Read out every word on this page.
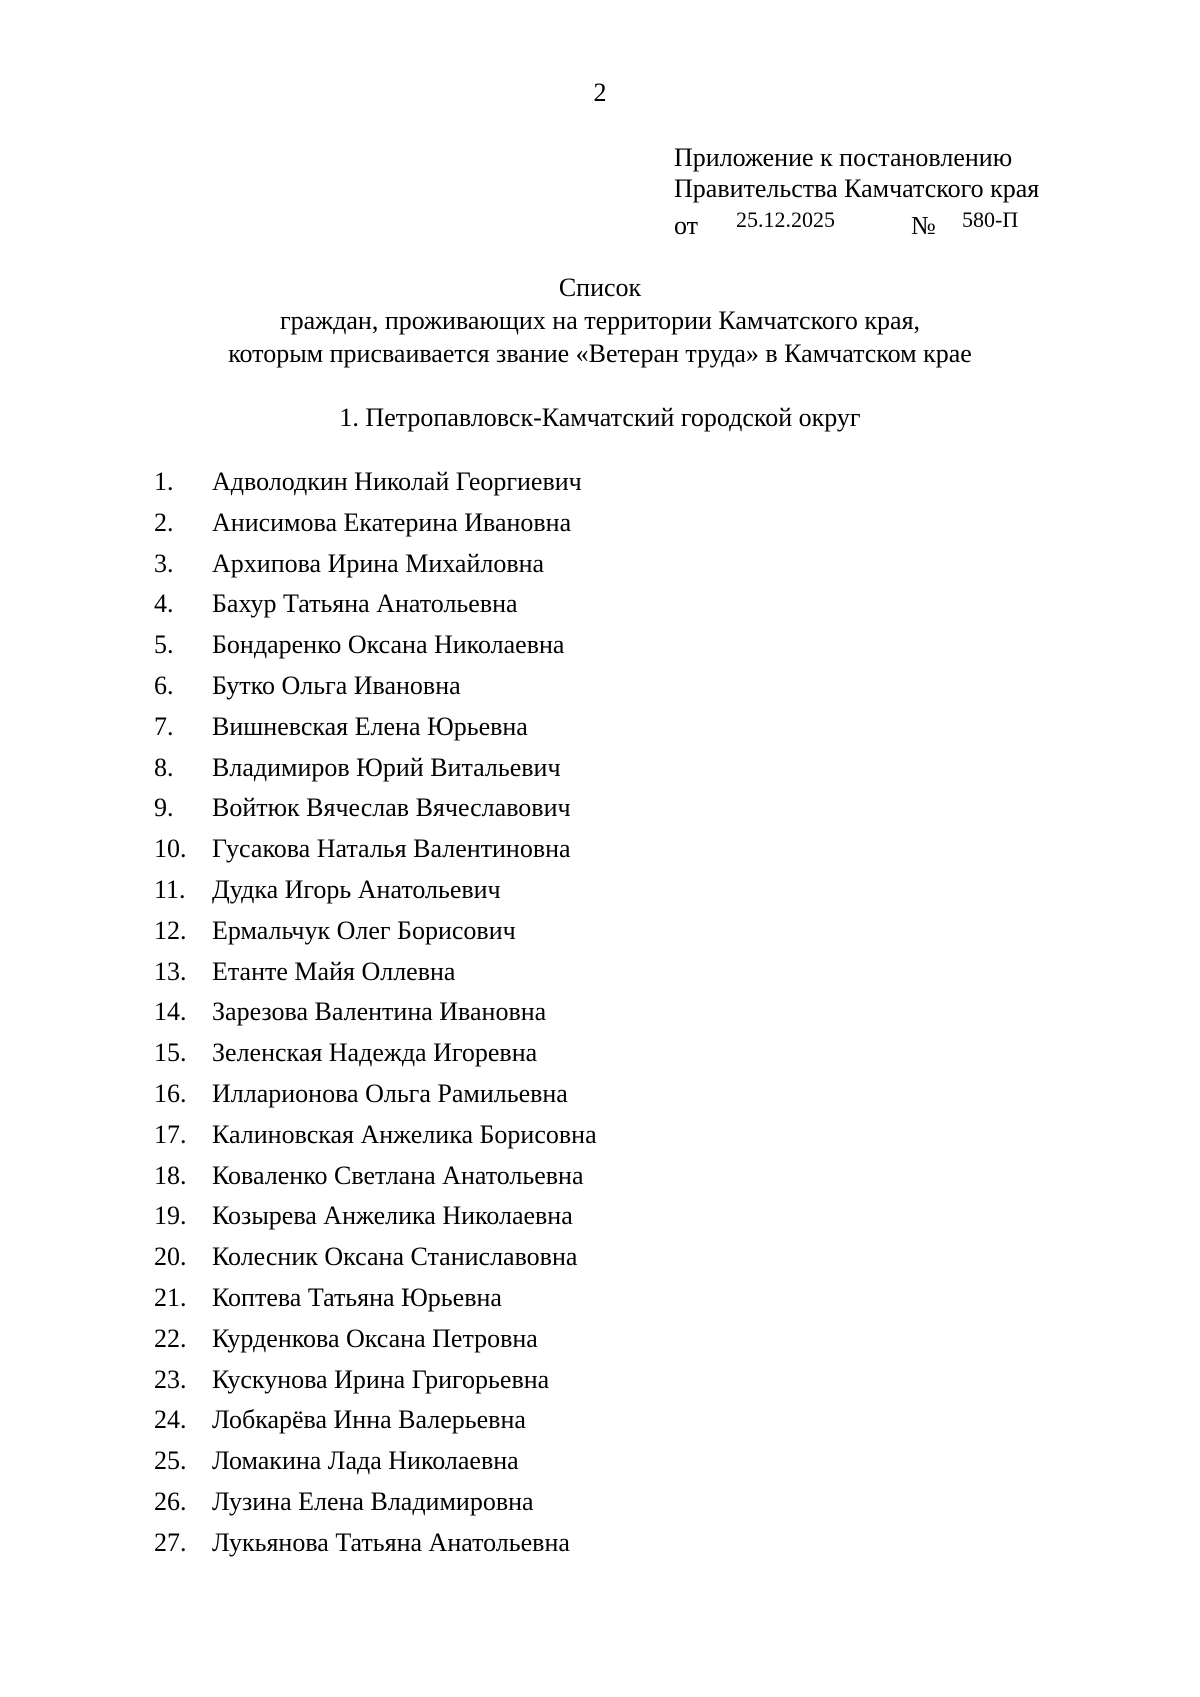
2
Приложение к постановлению
Правительства Камчатского края
от 25.12.2025	№ 580-П
Список
граждан, проживающих на территории Камчатского края,
которым присваивается звание «Ветеран труда» в Камчатском крае
1. Петропавловск-Камчатский городской округ
1. Адволодкин Николай Георгиевич
2. Анисимова Екатерина Ивановна
3. Архипова Ирина Михайловна
4. Бахур Татьяна Анатольевна
5. Бондаренко Оксана Николаевна
6. Бутко Ольга Ивановна
7. Вишневская Елена Юрьевна
8. Владимиров Юрий Витальевич
9. Войтюк Вячеслав Вячеславович
10. Гусакова Наталья Валентиновна
11. Дудка Игорь Анатольевич
12. Ермальчук Олег Борисович
13. Етанте Майя Оллевна
14. Зарезова Валентина Ивановна
15. Зеленская Надежда Игоревна
16. Илларионова Ольга Рамильевна
17. Калиновская Анжелика Борисовна
18. Коваленко Светлана Анатольевна
19. Козырева Анжелика Николаевна
20. Колесник Оксана Станиславовна
21. Коптева Татьяна Юрьевна
22. Курденкова Оксана Петровна
23. Кускунова Ирина Григорьевна
24. Лобкарёва Инна Валерьевна
25. Ломакина Лада Николаевна
26. Лузина Елена Владимировна
27. Лукьянова Татьяна Анатольевна
